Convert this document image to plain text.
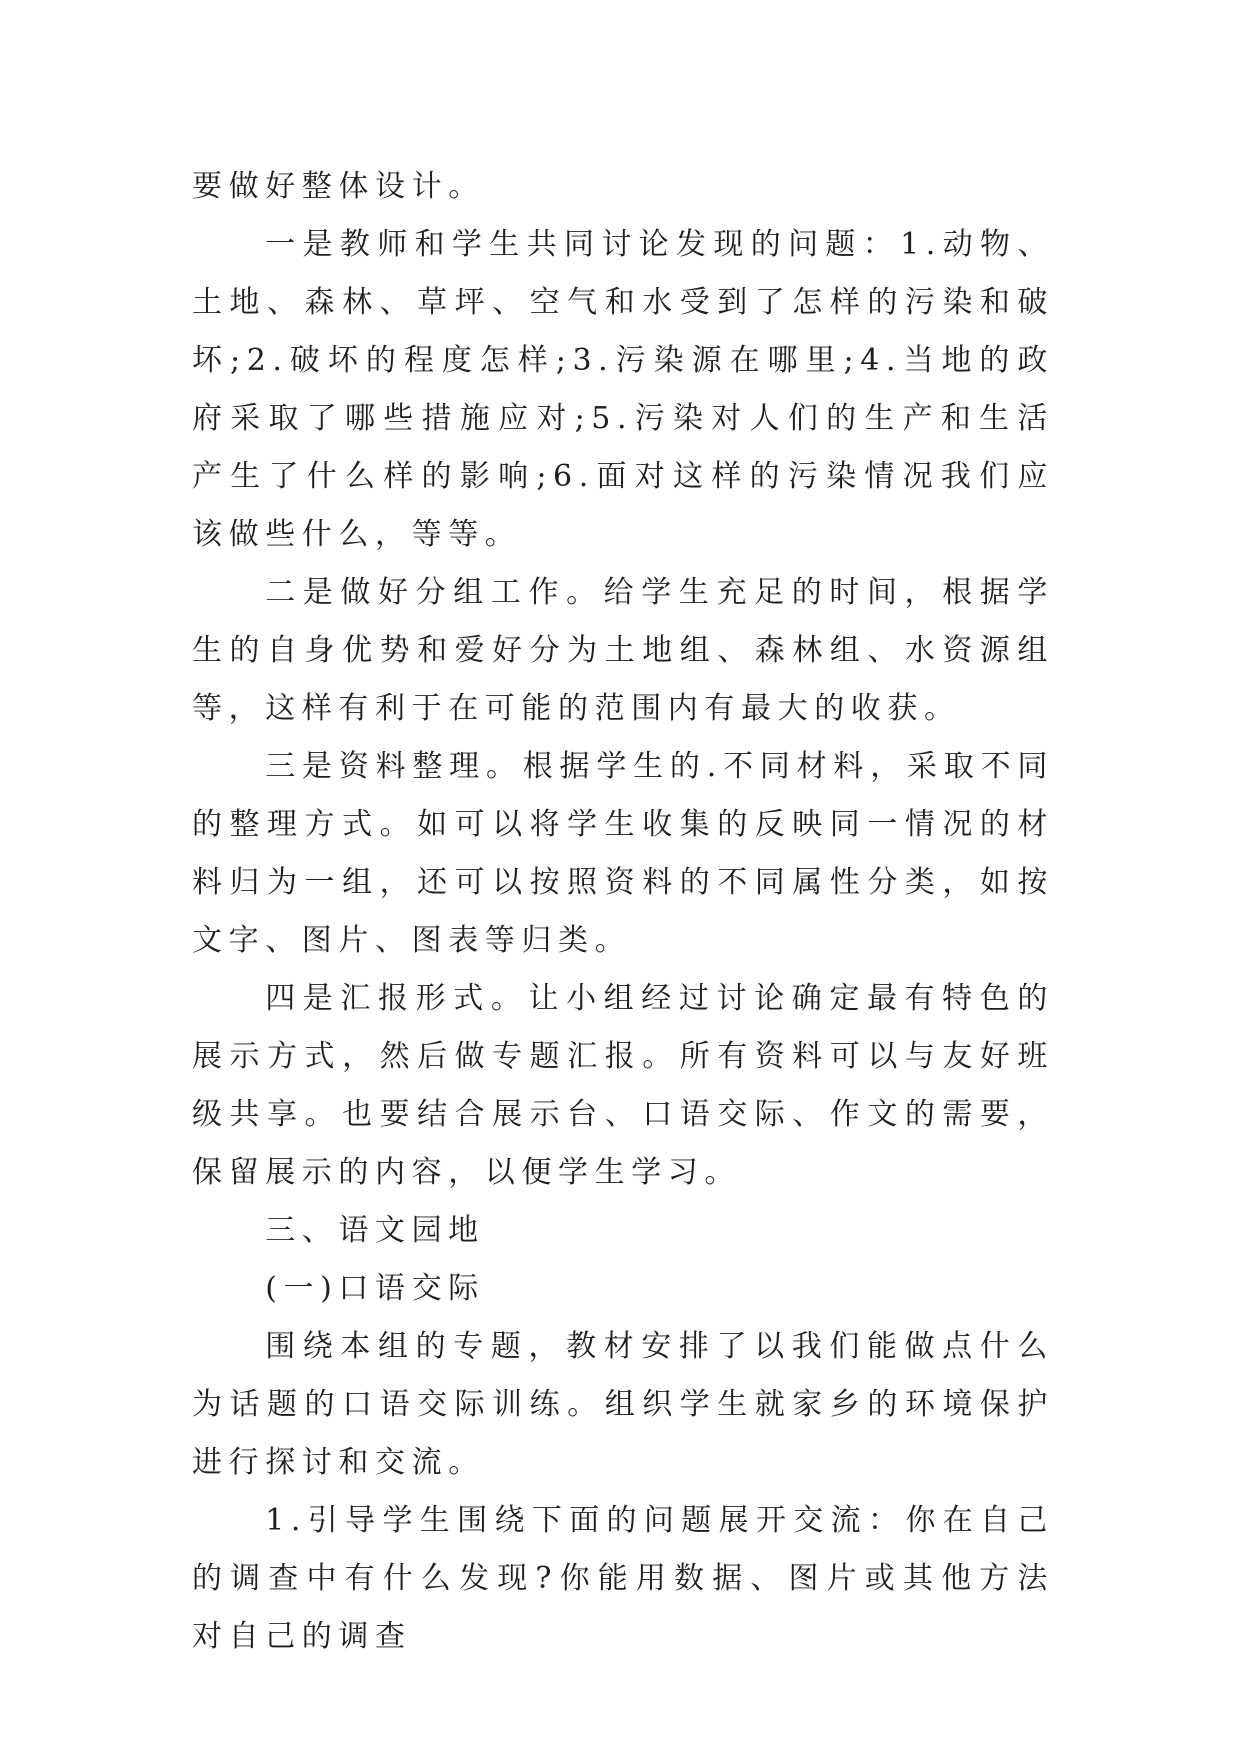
要做好整体设计。

一是教师和学生共同讨论发现的问题：1.动物、土地、森林、草坪、空气和水受到了怎样的污染和破坏;2.破坏的程度怎样;3.污染源在哪里;4.当地的政府采取了哪些措施应对;5.污染对人们的生产和生活产生了什么样的影响;6.面对这样的污染情况我们应该做些什么，等等。

二是做好分组工作。给学生充足的时间，根据学生的自身优势和爱好分为土地组、森林组、水资源组等，这样有利于在可能的范围内有最大的收获。

三是资料整理。根据学生的.不同材料，采取不同的整理方式。如可以将学生收集的反映同一情况的材料归为一组，还可以按照资料的不同属性分类，如按文字、图片、图表等归类。

四是汇报形式。让小组经过讨论确定最有特色的展示方式，然后做专题汇报。所有资料可以与友好班级共享。也要结合展示台、口语交际、作文的需要，保留展示的内容，以便学生学习。

三、语文园地

(一)口语交际

围绕本组的专题，教材安排了以我们能做点什么为话题的口语交际训练。组织学生就家乡的环境保护进行探讨和交流。

1.引导学生围绕下面的问题展开交流：你在自己的调查中有什么发现?你能用数据、图片或其他方法对自己的调查
